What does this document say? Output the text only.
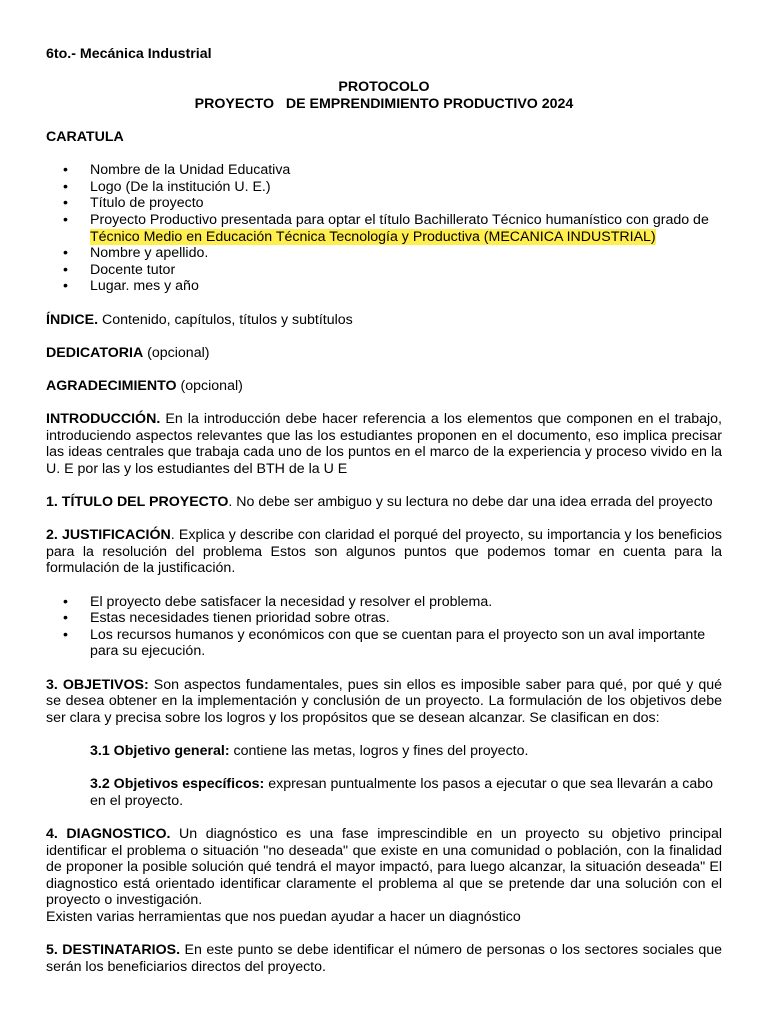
6to.- Mecánica Industrial

PROTOCOLO

PROYECTO   DE EMPRENDIMIENTO PRODUCTIVO 2024

CARATULA

• Nombre de la Unidad Educativa
• Logo (De la institución U. E.)
• Título de proyecto
• Proyecto Productivo presentada para optar el título Bachillerato Técnico humanístico con grado de
Técnico Medio en Educación Técnica Tecnología y Productiva (MECANICA INDUSTRIAL)
• Nombre y apellido.
• Docente tutor
• Lugar. mes y año

ÍNDICE. Contenido, capítulos, títulos y subtítulos

DEDICATORIA (opcional)

AGRADECIMIENTO (opcional)

INTRODUCCIÓN. En la introducción debe hacer referencia a los elementos que componen en el trabajo, introduciendo aspectos relevantes que las los estudiantes proponen en el documento, eso implica precisar las ideas centrales que trabaja cada uno de los puntos en el marco de la experiencia y proceso vivido en la U. E por las y los estudiantes del BTH de la U E

1. TÍTULO DEL PROYECTO. No debe ser ambiguo y su lectura no debe dar una idea errada del proyecto

2. JUSTIFICACIÓN. Explica y describe con claridad el porqué del proyecto, su importancia y los beneficios para la resolución del problema Estos son algunos puntos que podemos tomar en cuenta para la formulación de la justificación.

• El proyecto debe satisfacer la necesidad y resolver el problema.
• Estas necesidades tienen prioridad sobre otras.
• Los recursos humanos y económicos con que se cuentan para el proyecto son un aval importante para su ejecución.

3. OBJETIVOS: Son aspectos fundamentales, pues sin ellos es imposible saber para qué, por qué y qué se desea obtener en la implementación y conclusión de un proyecto. La formulación de los objetivos debe ser clara y precisa sobre los logros y los propósitos que se desean alcanzar. Se clasifican en dos:

3.1 Objetivo general: contiene las metas, logros y fines del proyecto.

3.2 Objetivos específicos: expresan puntualmente los pasos a ejecutar o que sea llevarán a cabo en el proyecto.

4. DIAGNOSTICO. Un diagnóstico es una fase imprescindible en un proyecto su objetivo principal identificar el problema o situación "no deseada" que existe en una comunidad o población, con la finalidad de proponer la posible solución qué tendrá el mayor impactó, para luego alcanzar, la situación deseada" El diagnostico está orientado identificar claramente el problema al que se pretende dar una solución con el proyecto o investigación.

Existen varias herramientas que nos puedan ayudar a hacer un diagnóstico

5. DESTINATARIOS. En este punto se debe identificar el número de personas o los sectores sociales que serán los beneficiarios directos del proyecto.
